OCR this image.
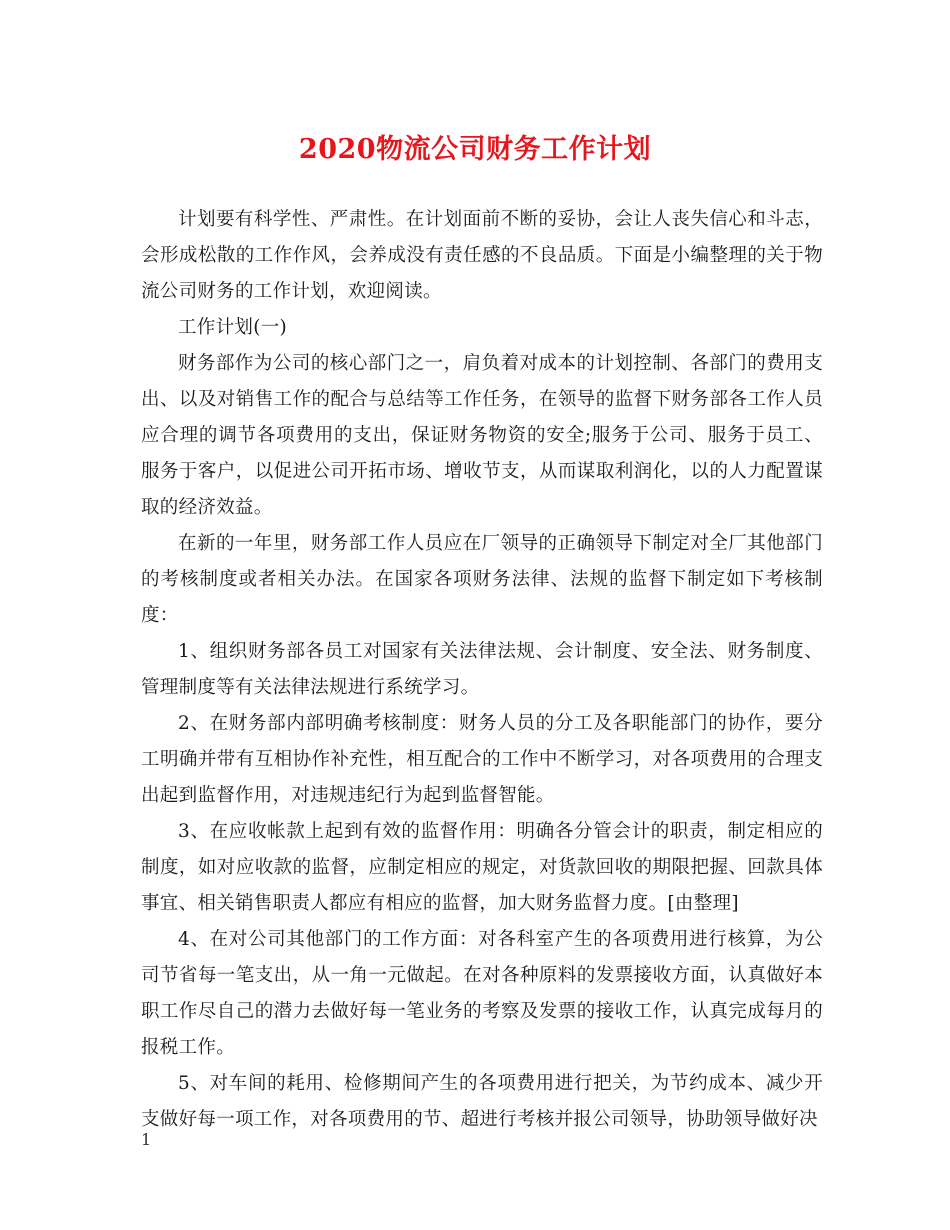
2020物流公司财务工作计划

计划要有科学性、严肃性。在计划面前不断的妥协，会让人丧失信心和斗志，会形成松散的工作作风，会养成没有责任感的不良品质。下面是小编整理的关于物流公司财务的工作计划，欢迎阅读。

工作计划(一)

财务部作为公司的核心部门之一，肩负着对成本的计划控制、各部门的费用支出、以及对销售工作的配合与总结等工作任务，在领导的监督下财务部各工作人员应合理的调节各项费用的支出，保证财务物资的安全;服务于公司、服务于员工、服务于客户，以促进公司开拓市场、增收节支，从而谋取利润化，以的人力配置谋取的经济效益。

在新的一年里，财务部工作人员应在厂领导的正确领导下制定对全厂其他部门的考核制度或者相关办法。在国家各项财务法律、法规的监督下制定如下考核制度：

1、组织财务部各员工对国家有关法律法规、会计制度、安全法、财务制度、管理制度等有关法律法规进行系统学习。

2、在财务部内部明确考核制度：财务人员的分工及各职能部门的协作，要分工明确并带有互相协作补充性，相互配合的工作中不断学习，对各项费用的合理支出起到监督作用，对违规违纪行为起到监督智能。

3、在应收帐款上起到有效的监督作用：明确各分管会计的职责，制定相应的制度，如对应收款的监督，应制定相应的规定，对货款回收的期限把握、回款具体事宜、相关销售职责人都应有相应的监督，加大财务监督力度。[由整理]

4、在对公司其他部门的工作方面：对各科室产生的各项费用进行核算，为公司节省每一笔支出，从一角一元做起。在对各种原料的发票接收方面，认真做好本职工作尽自己的潜力去做好每一笔业务的考察及发票的接收工作，认真完成每月的报税工作。

5、对车间的耗用、检修期间产生的各项费用进行把关，为节约成本、减少开支做好每一项工作，对各项费用的节、超进行考核并报公司领导，协助领导做好决

1
